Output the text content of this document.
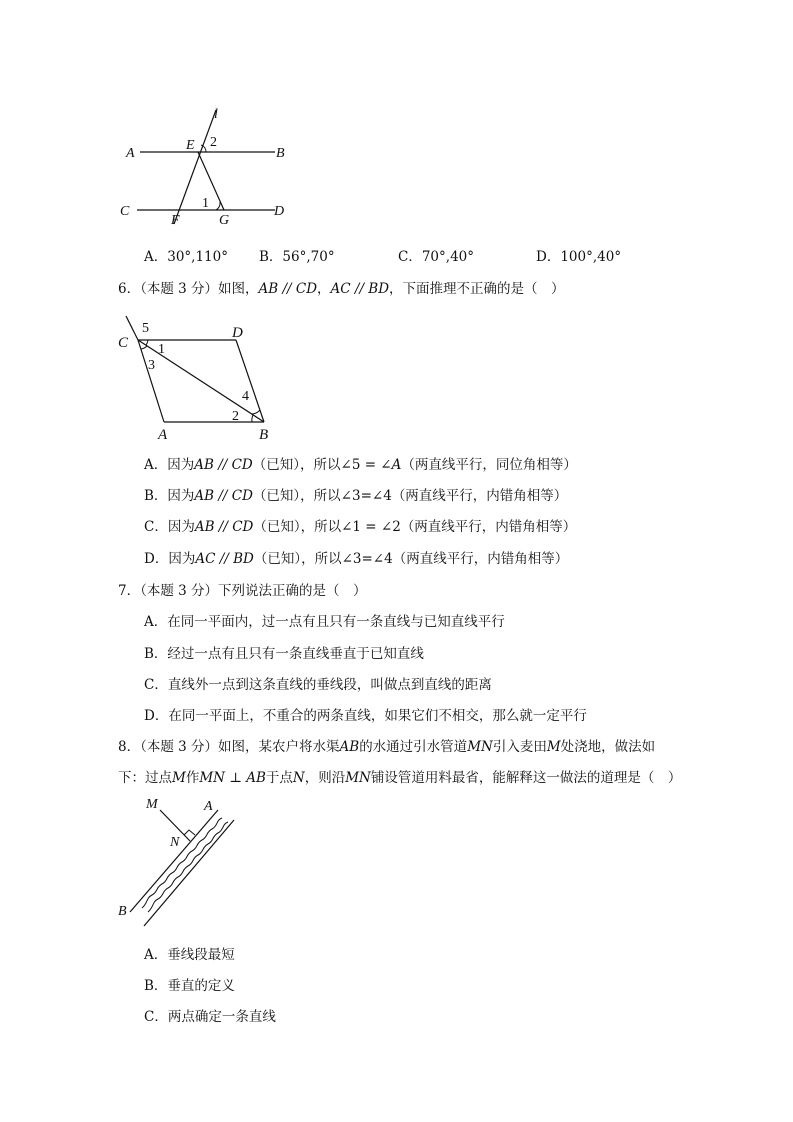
l
A	B
E 2
C	D
F	G
1
A．30°,110° B．56°,70°	C．70°,40°	D．100°,40°
6．（本题 3 分）如图，AB // CD，AC // BD，下面推理不正确的是（　）
C
D
A	B
5
1
3
4
2
A．因为AB // CD（已知），所以∠5 = ∠A（两直线平行，同位角相等）
B．因为AB // CD（已知），所以∠3=∠4（两直线平行，内错角相等）
C．因为AB // CD（已知），所以∠1 = ∠2（两直线平行，内错角相等）
D．因为AC // BD（已知），所以∠3=∠4（两直线平行，内错角相等）
7．（本题 3 分）下列说法正确的是（　）
A．在同一平面内，过一点有且只有一条直线与已知直线平行
B．经过一点有且只有一条直线垂直于已知直线
C．直线外一点到这条直线的垂线段，叫做点到直线的距离
D．在同一平面上，不重合的两条直线，如果它们不相交，那么就一定平行
8．（本题 3 分）如图，某农户将水渠AB的水通过引水管道MN引入麦田M处浇地，做法如
下：过点M作MN ⊥ AB于点N，则沿MN铺设管道用料最省，能解释这一做法的道理是（　）
M	A
N
B
A．垂线段最短
B．垂直的定义
C．两点确定一条直线
